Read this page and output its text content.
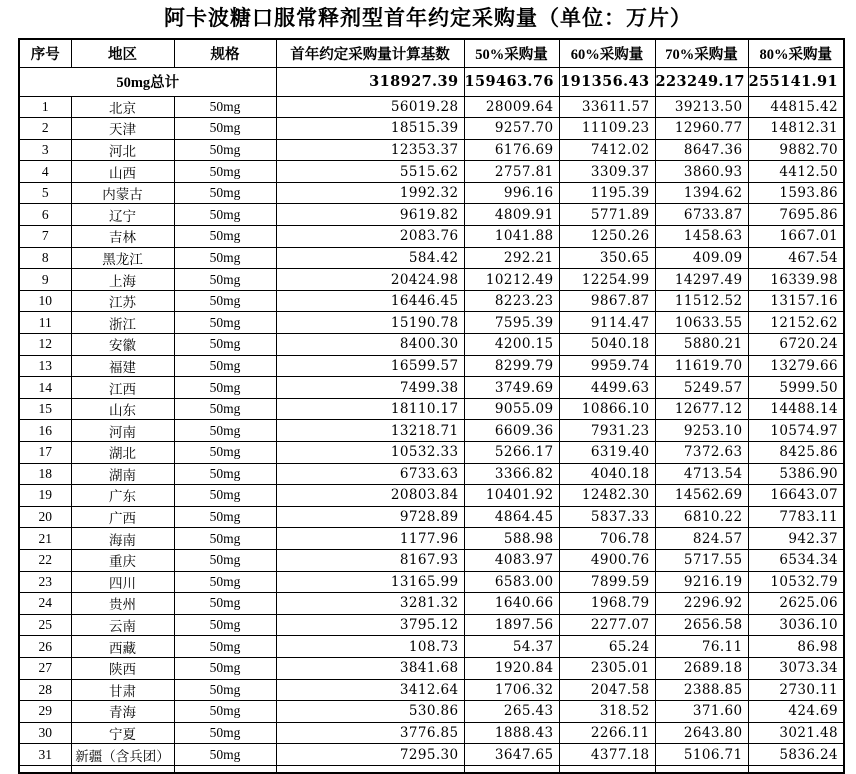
阿卡波糖口服常释剂型首年约定采购量（单位：万片）
序号	地区	规格	首年约定采购量计算基数	50%采购量	60%采购量	70%采购量	80%采购量
50mg总计			318927.39	159463.76	191356.43	223249.17	255141.91
1	北京	50mg	56019.28	28009.64	33611.57	39213.50	44815.42
2	天津	50mg	18515.39	9257.70	11109.23	12960.77	14812.31
3	河北	50mg	12353.37	6176.69	7412.02	8647.36	9882.70
4	山西	50mg	5515.62	2757.81	3309.37	3860.93	4412.50
5	内蒙古	50mg	1992.32	996.16	1195.39	1394.62	1593.86
6	辽宁	50mg	9619.82	4809.91	5771.89	6733.87	7695.86
7	吉林	50mg	2083.76	1041.88	1250.26	1458.63	1667.01
8	黑龙江	50mg	584.42	292.21	350.65	409.09	467.54
9	上海	50mg	20424.98	10212.49	12254.99	14297.49	16339.98
10	江苏	50mg	16446.45	8223.23	9867.87	11512.52	13157.16
11	浙江	50mg	15190.78	7595.39	9114.47	10633.55	12152.62
12	安徽	50mg	8400.30	4200.15	5040.18	5880.21	6720.24
13	福建	50mg	16599.57	8299.79	9959.74	11619.70	13279.66
14	江西	50mg	7499.38	3749.69	4499.63	5249.57	5999.50
15	山东	50mg	18110.17	9055.09	10866.10	12677.12	14488.14
16	河南	50mg	13218.71	6609.36	7931.23	9253.10	10574.97
17	湖北	50mg	10532.33	5266.17	6319.40	7372.63	8425.86
18	湖南	50mg	6733.63	3366.82	4040.18	4713.54	5386.90
19	广东	50mg	20803.84	10401.92	12482.30	14562.69	16643.07
20	广西	50mg	9728.89	4864.45	5837.33	6810.22	7783.11
21	海南	50mg	1177.96	588.98	706.78	824.57	942.37
22	重庆	50mg	8167.93	4083.97	4900.76	5717.55	6534.34
23	四川	50mg	13165.99	6583.00	7899.59	9216.19	10532.79
24	贵州	50mg	3281.32	1640.66	1968.79	2296.92	2625.06
25	云南	50mg	3795.12	1897.56	2277.07	2656.58	3036.10
26	西藏	50mg	108.73	54.37	65.24	76.11	86.98
27	陕西	50mg	3841.68	1920.84	2305.01	2689.18	3073.34
28	甘肃	50mg	3412.64	1706.32	2047.58	2388.85	2730.11
29	青海	50mg	530.86	265.43	318.52	371.60	424.69
30	宁夏	50mg	3776.85	1888.43	2266.11	2643.80	3021.48
31	新疆（含兵团）	50mg	7295.30	3647.65	4377.18	5106.71	5836.24
